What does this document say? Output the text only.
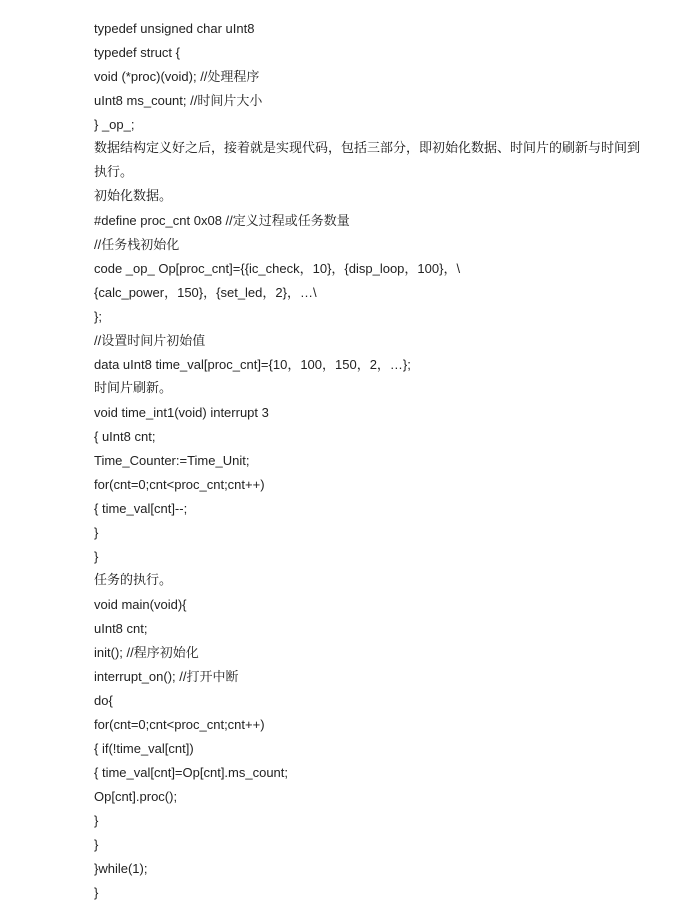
typedef unsigned char uInt8
typedef struct {
void (*proc)(void); //处理程序
uInt8 ms_count; //时间片大小
} _op_;
数据结构定义好之后，接着就是实现代码，包括三部分，即初始化数据、时间片的刷新与时间到
执行。
初始化数据。
#define proc_cnt 0x08 //定义过程或任务数量
//任务栈初始化
code _op_ Op[proc_cnt]={{ic_check，10}，{disp_loop，100}，\
{calc_power，150}，{set_led，2}，…\
};
//设置时间片初始值
data uInt8 time_val[proc_cnt]={10，100，150，2，…};
时间片刷新。
void time_int1(void) interrupt 3
{ uInt8 cnt;
Time_Counter:=Time_Unit;
for(cnt=0;cnt<proc_cnt;cnt++)
{ time_val[cnt]--;
}
}
任务的执行。
void main(void){
uInt8 cnt;
init(); //程序初始化
interrupt_on(); //打开中断
do{
for(cnt=0;cnt<proc_cnt;cnt++)
{ if(!time_val[cnt])
{ time_val[cnt]=Op[cnt].ms_count;
Op[cnt].proc();
}
}
}while(1);
}
